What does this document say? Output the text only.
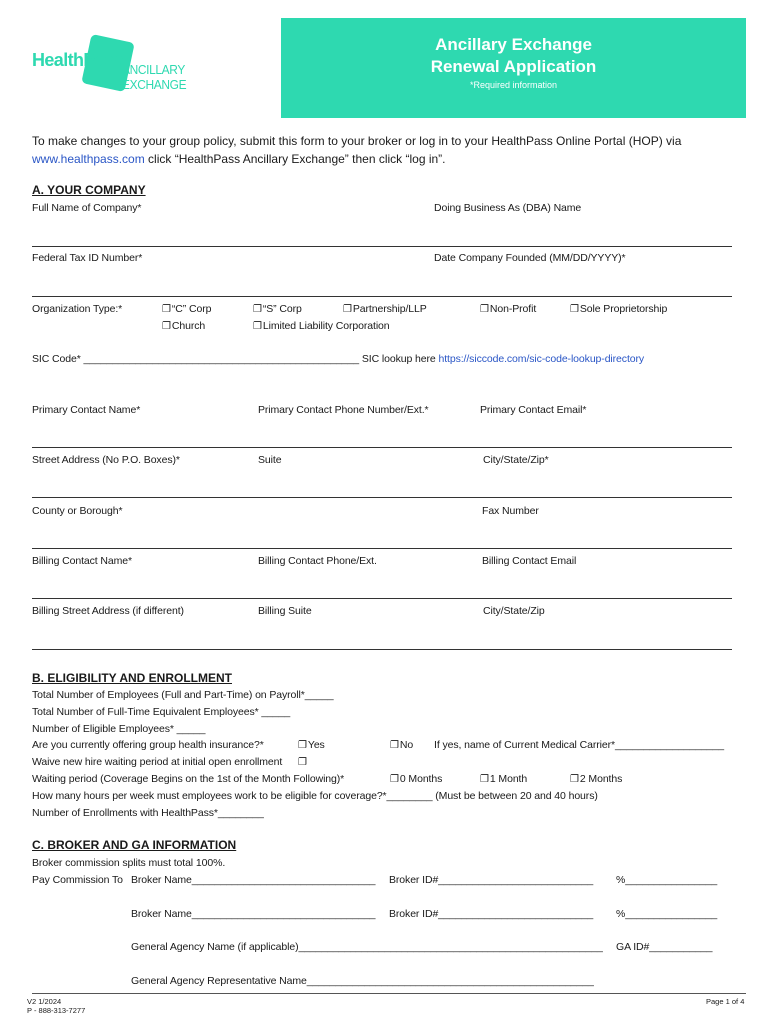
HealthPass
ANCILLARY EXCHANGE
Ancillary Exchange
Renewal Application
*Required information
To make changes to your group policy, submit this form to your broker or log in to your HealthPass Online Portal (HOP) via
www.healthpass.com click “HealthPass Ancillary Exchange” then click “log in”.
A. YOUR COMPANY
Full Name of Company*	Doing Business As (DBA) Name
Federal Tax ID Number*	Date Company Founded (MM/DD/YYYY)*
Organization Type:*	❐“C” Corp	❐“S” Corp	❐Partnership/LLP	❐Non-Profit	❐Sole Proprietorship
❐Church	❐Limited Liability Corporation
SIC Code* ________________________________________________ SIC lookup here https://siccode.com/sic-code-lookup-directory
Primary Contact Name*	Primary Contact Phone Number/Ext.*	Primary Contact Email*
Street Address (No P.O. Boxes)*	Suite	City/State/Zip*
County or Borough*	Fax Number
Billing Contact Name*	Billing Contact Phone/Ext.	Billing Contact Email
Billing Street Address (if different)	Billing Suite	City/State/Zip
B. ELIGIBILITY AND ENROLLMENT
Total Number of Employees (Full and Part-Time) on Payroll*_____
Total Number of Full-Time Equivalent Employees* _____
Number of Eligible Employees* _____
Are you currently offering group health insurance?*	❐Yes	❐No If yes, name of Current Medical Carrier*___________________
Waive new hire waiting period at initial open enrollment ❐
Waiting period (Coverage Begins on the 1st of the Month Following)*	❐0 Months	❐1 Month	❐2 Months
How many hours per week must employees work to be eligible for coverage?*________ (Must be between 20 and 40 hours)
Number of Enrollments with HealthPass*________
C. BROKER AND GA INFORMATION
Broker commission splits must total 100%.
Pay Commission To Broker Name________________________________ Broker ID#___________________________ %________________
Broker Name________________________________ Broker ID#___________________________ %________________
General Agency Name (if applicable)_____________________________________________________ GA ID#___________
General Agency Representative Name__________________________________________________
V2 1/2024
P - 888-313-7277
Page 1 of 4
